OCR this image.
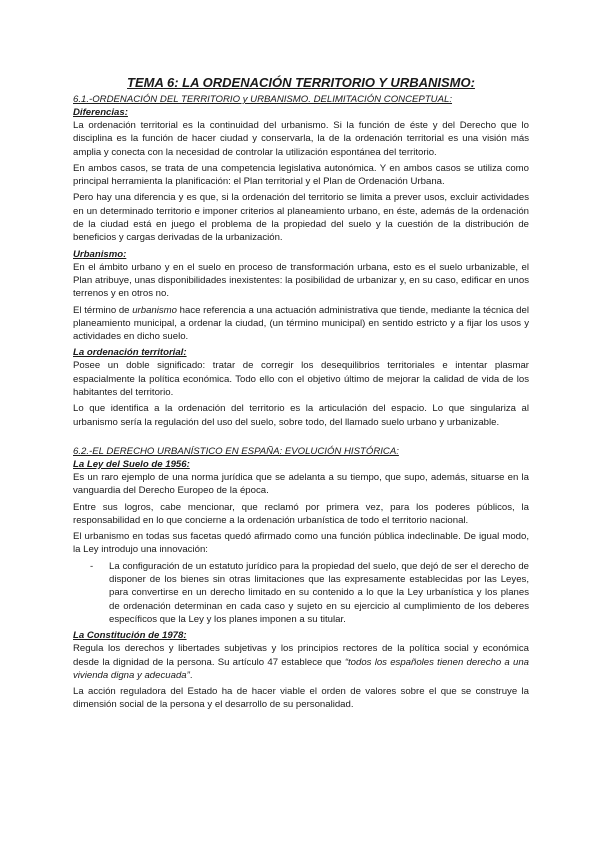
TEMA 6: LA ORDENACIÓN TERRITORIO Y URBANISMO:
6.1.-ORDENACIÓN DEL TERRITORIO y URBANISMO. DELIMITACIÓN CONCEPTUAL:
Diferencias:

La ordenación territorial es la continuidad del urbanismo. Si la función de éste y del Derecho que lo disciplina es la función de hacer ciudad y conservarla, la de la ordenación territorial es una visión más amplia y conecta con la necesidad de controlar la utilización espontánea del territorio.

En ambos casos, se trata de una competencia legislativa autonómica. Y en ambos casos se utiliza como principal herramienta la planificación: el Plan territorial y el Plan de Ordenación Urbana.

Pero hay una diferencia y es que, si la ordenación del territorio se limita a prever usos, excluir actividades en un determinado territorio e imponer criterios al planeamiento urbano, en éste, además de la ordenación de la ciudad está en juego el problema de la propiedad del suelo y la cuestión de la distribución de beneficios y cargas derivadas de la urbanización.

Urbanismo:

En el ámbito urbano y en el suelo en proceso de transformación urbana, esto es el suelo urbanizable, el Plan atribuye, unas disponibilidades inexistentes: la posibilidad de urbanizar y, en su caso, edificar en unos terrenos y en otros no.

El término de urbanismo hace referencia a una actuación administrativa que tiende, mediante la técnica del planeamiento municipal, a ordenar la ciudad, (un término municipal) en sentido estricto y a fijar los usos y actividades en dicho suelo.

La ordenación territorial:

Posee un doble significado: tratar de corregir los desequilibrios territoriales e intentar plasmar espacialmente la política económica. Todo ello con el objetivo último de mejorar la calidad de vida de los habitantes del territorio.

Lo que identifica a la ordenación del territorio es la articulación del espacio. Lo que singulariza al urbanismo sería la regulación del uso del suelo, sobre todo, del llamado suelo urbano y urbanizable.

6.2.-EL DERECHO URBANÍSTICO EN ESPAÑA: EVOLUCIÓN HISTÓRICA:
La Ley del Suelo de 1956:

Es un raro ejemplo de una norma jurídica que se adelanta a su tiempo, que supo, además, situarse en la vanguardia del Derecho Europeo de la época.

Entre sus logros, cabe mencionar, que reclamó por primera vez, para los poderes públicos, la responsabilidad en lo que concierne a la ordenación urbanística de todo el territorio nacional.

El urbanismo en todas sus facetas quedó afirmado como una función pública indeclinable. De igual modo, la Ley introdujo una innovación:

- La configuración de un estatuto jurídico para la propiedad del suelo, que dejó de ser el derecho de disponer de los bienes sin otras limitaciones que las expresamente establecidas por las Leyes, para convertirse en un derecho limitado en su contenido a lo que la Ley urbanística y los planes de ordenación determinan en cada caso y sujeto en su ejercicio al cumplimiento de los deberes específicos que la Ley y los planes imponen a su titular.
La Constitución de 1978:

Regula los derechos y libertades subjetivas y los principios rectores de la política social y económica desde la dignidad de la persona. Su artículo 47 establece que “todos los españoles tienen derecho a una vivienda digna y adecuada”.

La acción reguladora del Estado ha de hacer viable el orden de valores sobre el que se construye la dimensión social de la persona y el desarrollo de su personalidad.
